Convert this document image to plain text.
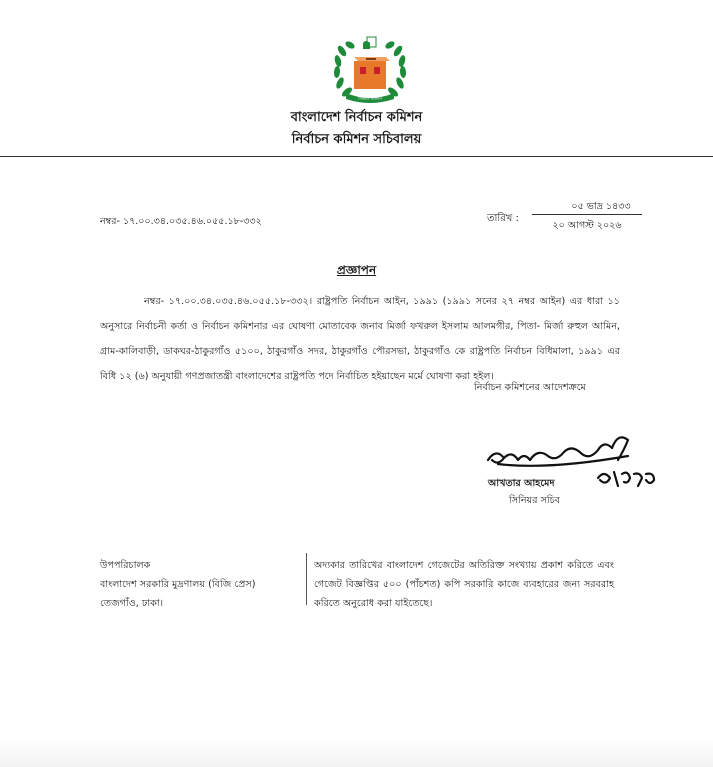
নির্বাচন কমিশন
বাংলাদেশ নির্বাচন কমিশন
নির্বাচন কমিশন সচিবালয়
নম্বর- ১৭.০০.৩৪.০৩৫.৪৬.০৫৫.১৮-৩৩২	তারিখ :
০৫ ভাদ্র ১৪৩৩
২০ আগস্ট ২০২৬
প্রজ্ঞাপন
নম্বর- ১৭.০০.৩৪.০৩৫.৪৬.০৫৫.১৮-৩৩২। রাষ্ট্রপতি নির্বাচন আইন, ১৯৯১ (১৯৯১ সনের ২৭ নম্বর আইন) এর ধারা ১১ অনুসারে নির্বাচনী কর্তা ও নির্বাচন কমিশনার এর ঘোষণা মোতাবেক জনাব মির্জা ফখরুল ইসলাম আলমগীর, পিতা- মির্জা রুহুল আমিন, গ্রাম-কালিবাড়ী, ডাকঘর-ঠাকুরগাঁও ৫১০০, ঠাকুরগাঁও সদর, ঠাকুরগাঁও পৌরসভা, ঠাকুরগাঁও কে রাষ্ট্রপতি নির্বাচন বিধিমালা, ১৯৯১ এর বিধি ১২ (৬) অনুযায়ী গণপ্রজাতন্ত্রী বাংলাদেশের রাষ্ট্রপতি পদে নির্বাচিত হইয়াছেন মর্মে ঘোষণা করা হইল।
নির্বাচন কমিশনের আদেশক্রমে
আখতার আহমেদ
সিনিয়র সচিব
উপপরিচালক
বাংলাদেশ সরকারি মুদ্রণালয় (বিজি প্রেস)
তেজগাঁও, ঢাকা।
অদ্যকার তারিখের বাংলাদেশ গেজেটের অতিরিক্ত সংখ্যায় প্রকাশ করিতে এবং গেজেট বিজ্ঞপ্তির ৫০০ (পাঁচশত) কপি সরকারি কাজে ব্যবহারের জন্য সরবরাহ করিতে অনুরোধ করা যাইতেছে।
